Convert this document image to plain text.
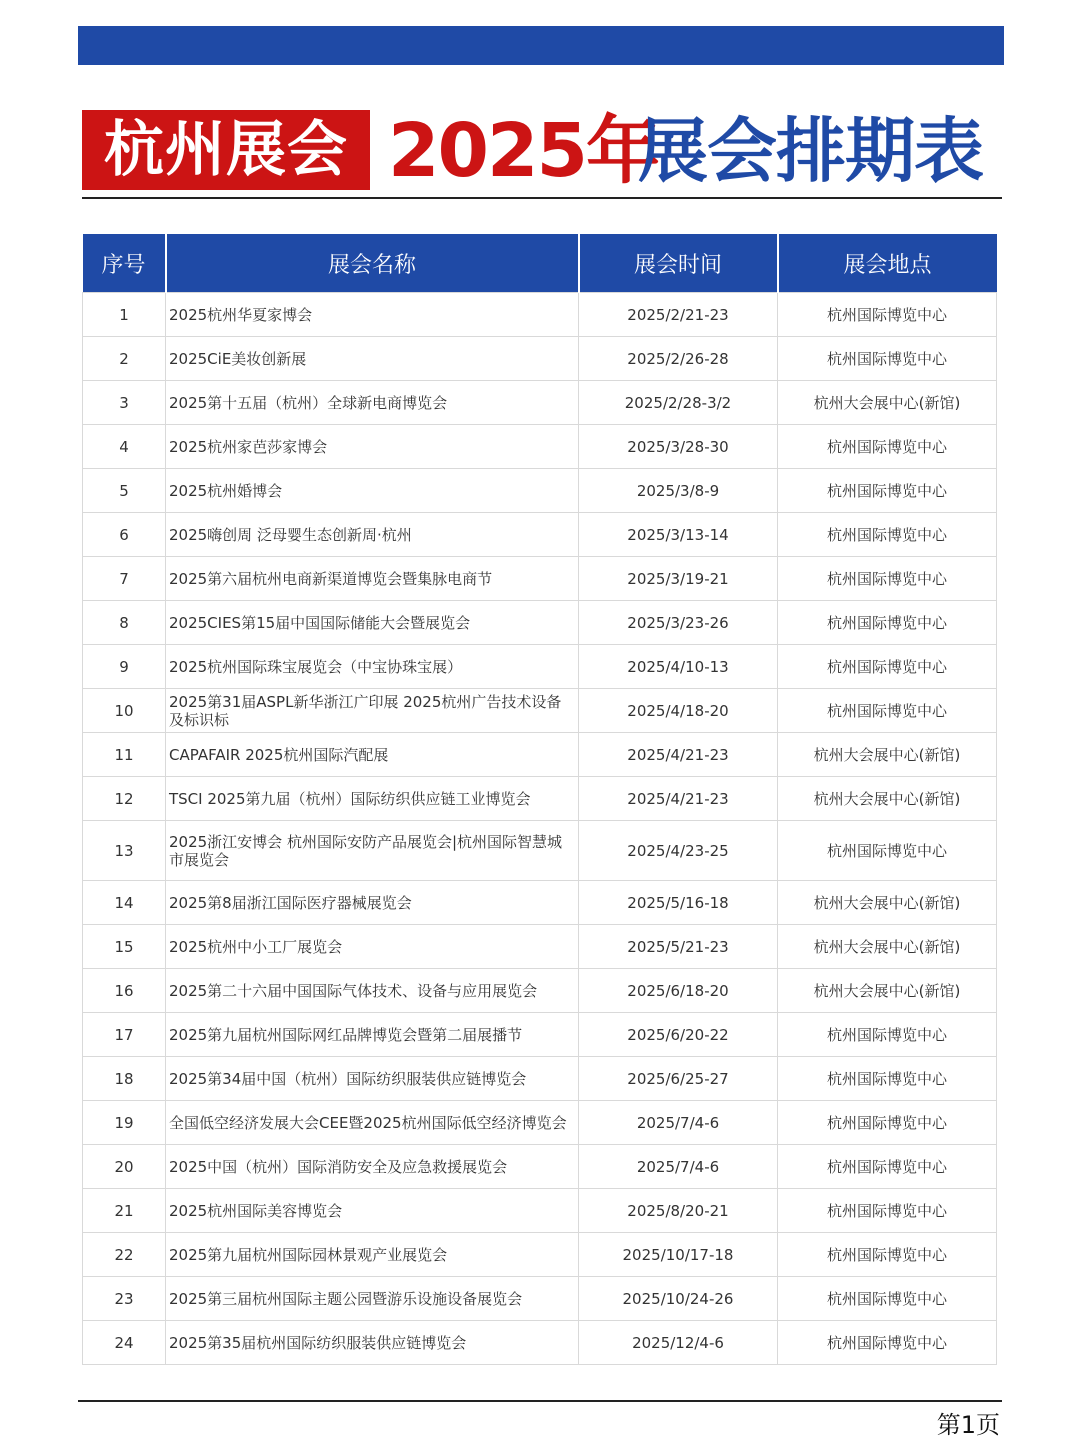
杭州展会 2025年
展会排期表
序号	展会名称	展会时间	展会地点
1	2025杭州华夏家博会	2025/2/21-23	杭州国际博览中心
2	2025CiE美妆创新展	2025/2/26-28	杭州国际博览中心
3	2025第十五届（杭州）全球新电商博览会	2025/2/28-3/2	杭州大会展中心(新馆)
4	2025杭州家芭莎家博会	2025/3/28-30	杭州国际博览中心
5	2025杭州婚博会	2025/3/8-9	杭州国际博览中心
6	2025嗨创周 泛母婴生态创新周·杭州	2025/3/13-14	杭州国际博览中心
7	2025第六届杭州电商新渠道博览会暨集脉电商节	2025/3/19-21	杭州国际博览中心
8	2025CIES第15届中国国际储能大会暨展览会	2025/3/23-26	杭州国际博览中心
9	2025杭州国际珠宝展览会（中宝协珠宝展）	2025/4/10-13	杭州国际博览中心
10	2025第31届ASPL新华浙江广印展 2025杭州广告技术设备及标识标	2025/4/18-20	杭州国际博览中心
11	CAPAFAIR 2025杭州国际汽配展	2025/4/21-23	杭州大会展中心(新馆)
12	TSCI 2025第九届（杭州）国际纺织供应链工业博览会	2025/4/21-23	杭州大会展中心(新馆)
13	2025浙江安博会 杭州国际安防产品展览会|杭州国际智慧城市展览会	2025/4/23-25	杭州国际博览中心
14	2025第8届浙江国际医疗器械展览会	2025/5/16-18	杭州大会展中心(新馆)
15	2025杭州中小工厂展览会	2025/5/21-23	杭州大会展中心(新馆)
16	2025第二十六届中国国际气体技术、设备与应用展览会	2025/6/18-20	杭州大会展中心(新馆)
17	2025第九届杭州国际网红品牌博览会暨第二届展播节	2025/6/20-22	杭州国际博览中心
18	2025第34届中国（杭州）国际纺织服装供应链博览会	2025/6/25-27	杭州国际博览中心
19	全国低空经济发展大会CEE暨2025杭州国际低空经济博览会	2025/7/4-6	杭州国际博览中心
20	2025中国（杭州）国际消防安全及应急救援展览会	2025/7/4-6	杭州国际博览中心
21	2025杭州国际美容博览会	2025/8/20-21	杭州国际博览中心
22	2025第九届杭州国际园林景观产业展览会	2025/10/17-18	杭州国际博览中心
23	2025第三届杭州国际主题公园暨游乐设施设备展览会	2025/10/24-26	杭州国际博览中心
24	2025第35届杭州国际纺织服装供应链博览会	2025/12/4-6	杭州国际博览中心
第1页
